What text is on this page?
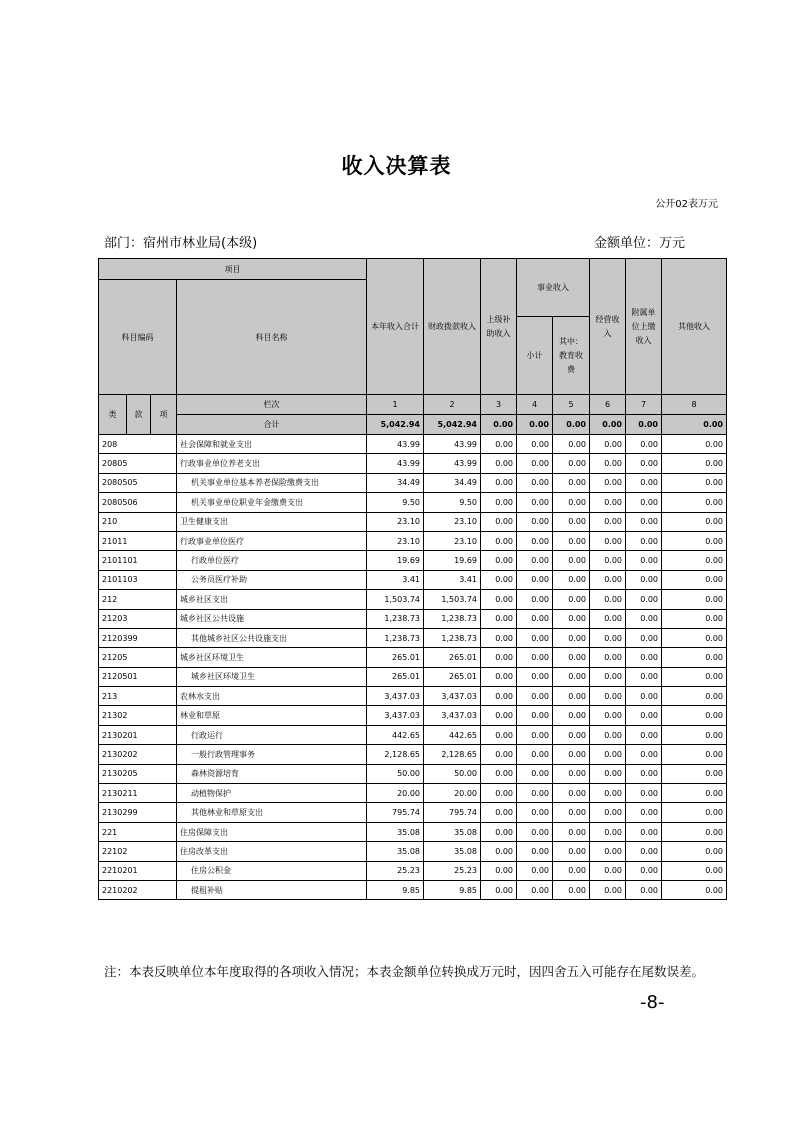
收入决算表
公开02表万元
部门：宿州市林业局(本级)	金额单位：万元
项目				本年收入合计	财政拨款收入	上级补助收入	事业收入		经营收入	附属单位上缴收入	其他收入
科目编码			科目名称								
							小计	其中：教育收费			
类	款	项	栏次	1	2	3	4	5	6	7	8
			合计	5,042.94	5,042.94	0.00	0.00	0.00	0.00	0.00	0.00
208			社会保障和就业支出	43.99	43.99	0.00	0.00	0.00	0.00	0.00	0.00
20805			行政事业单位养老支出	43.99	43.99	0.00	0.00	0.00	0.00	0.00	0.00
2080505			机关事业单位基本养老保险缴费支出	34.49	34.49	0.00	0.00	0.00	0.00	0.00	0.00
2080506			机关事业单位职业年金缴费支出	9.50	9.50	0.00	0.00	0.00	0.00	0.00	0.00
210			卫生健康支出	23.10	23.10	0.00	0.00	0.00	0.00	0.00	0.00
21011			行政事业单位医疗	23.10	23.10	0.00	0.00	0.00	0.00	0.00	0.00
2101101			行政单位医疗	19.69	19.69	0.00	0.00	0.00	0.00	0.00	0.00
2101103			公务员医疗补助	3.41	3.41	0.00	0.00	0.00	0.00	0.00	0.00
212			城乡社区支出	1,503.74	1,503.74	0.00	0.00	0.00	0.00	0.00	0.00
21203			城乡社区公共设施	1,238.73	1,238.73	0.00	0.00	0.00	0.00	0.00	0.00
2120399			其他城乡社区公共设施支出	1,238.73	1,238.73	0.00	0.00	0.00	0.00	0.00	0.00
21205			城乡社区环境卫生	265.01	265.01	0.00	0.00	0.00	0.00	0.00	0.00
2120501			城乡社区环境卫生	265.01	265.01	0.00	0.00	0.00	0.00	0.00	0.00
213			农林水支出	3,437.03	3,437.03	0.00	0.00	0.00	0.00	0.00	0.00
21302			林业和草原	3,437.03	3,437.03	0.00	0.00	0.00	0.00	0.00	0.00
2130201			行政运行	442.65	442.65	0.00	0.00	0.00	0.00	0.00	0.00
2130202			一般行政管理事务	2,128.65	2,128.65	0.00	0.00	0.00	0.00	0.00	0.00
2130205			森林资源培育	50.00	50.00	0.00	0.00	0.00	0.00	0.00	0.00
2130211			动植物保护	20.00	20.00	0.00	0.00	0.00	0.00	0.00	0.00
2130299			其他林业和草原支出	795.74	795.74	0.00	0.00	0.00	0.00	0.00	0.00
221			住房保障支出	35.08	35.08	0.00	0.00	0.00	0.00	0.00	0.00
22102			住房改革支出	35.08	35.08	0.00	0.00	0.00	0.00	0.00	0.00
2210201			住房公积金	25.23	25.23	0.00	0.00	0.00	0.00	0.00	0.00
2210202			提租补贴	9.85	9.85	0.00	0.00	0.00	0.00	0.00	0.00
注：本表反映单位本年度取得的各项收入情况；本表金额单位转换成万元时，因四舍五入可能存在尾数误差。
-8-
